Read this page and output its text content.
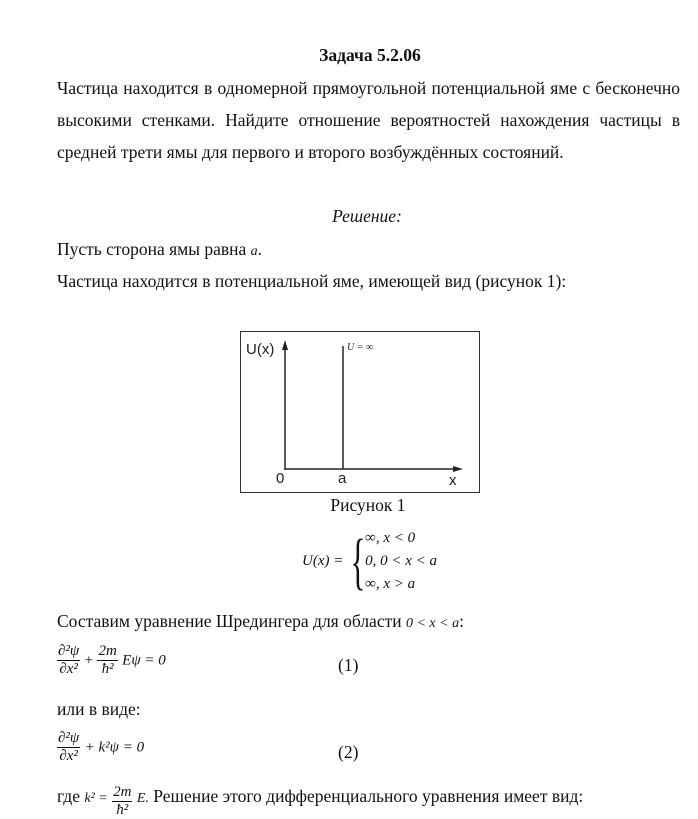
Задача 5.2.06
Частица находится в одномерной прямоугольной потенциальной яме с бесконечно высокими стенками. Найдите отношение вероятностей нахождения частицы в средней трети ямы для первого и второго возбуждённых состояний.
Решение:
Пусть сторона ямы равна a.
Частица находится в потенциальной яме, имеющей вид (рисунок 1):
U(x)	U = ∞
0	a	x
Рисунок 1
U(x) = { ∞, x < 0
0, 0 < x < a
∞, x > a
Составим уравнение Шредингера для области 0 < x < a:
$\frac{\text{∂²ψ}}{\text{∂x²}} + \frac{2m}{\text{ħ²}}$ Eψ = 0	(1)
или в виде:
$\frac{\text{∂²ψ}}{\text{∂x²}} + k^2\psi = 0$	(2)
где $k^2 = \frac{2m}{\text{ħ²}} E$. Решение этого дифференциального уравнения имеет вид:
